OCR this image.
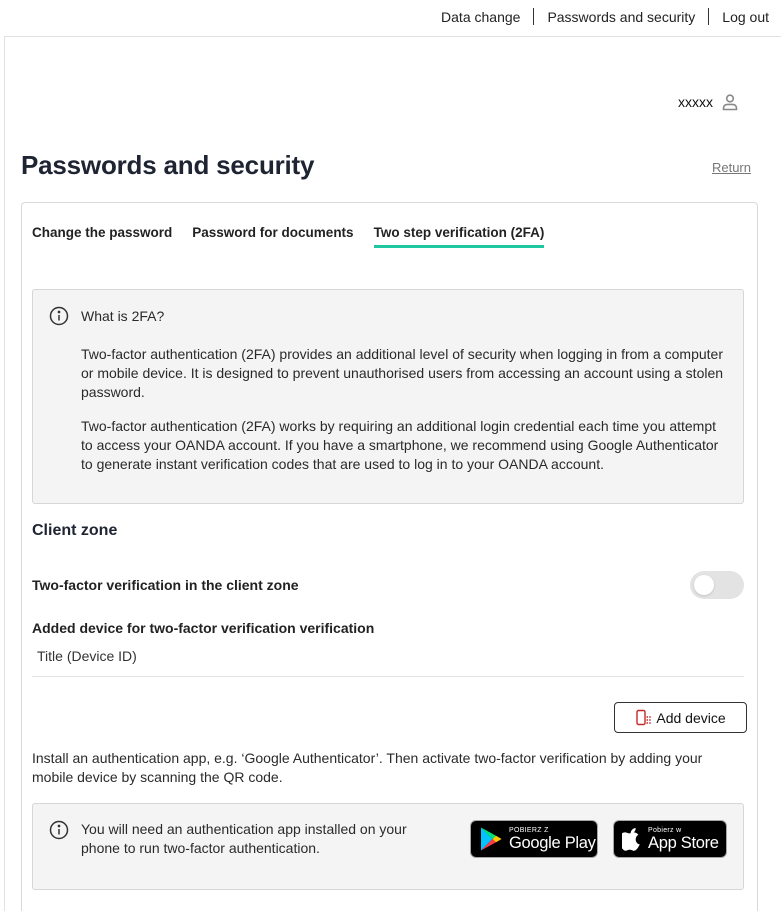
Data change	Passwords and security	Log out
xxxxx
Passwords and security	Return
Change the password Password for documents Two step verification (2FA)
What is 2FA?

Two-factor authentication (2FA) provides an additional level of security when logging in from a computer or mobile device. It is designed to prevent unauthorised users from accessing an account using a stolen password.

Two-factor authentication (2FA) works by requiring an additional login credential each time you attempt to access your OANDA account. If you have a smartphone, we recommend using Google Authenticator to generate instant verification codes that are used to log in to your OANDA account.

Client zone
Two-factor verification in the client zone
Added device for two-factor verification verification
Title (Device ID)
Add device
Install an authentication app, e.g. ‘Google Authenticator’. Then activate two-factor verification by adding your mobile device by scanning the QR code.
You will need an authentication app installed on your phone to run two-factor authentication.
POBIERZ Z
Google Play
Pobierz w
App Store
